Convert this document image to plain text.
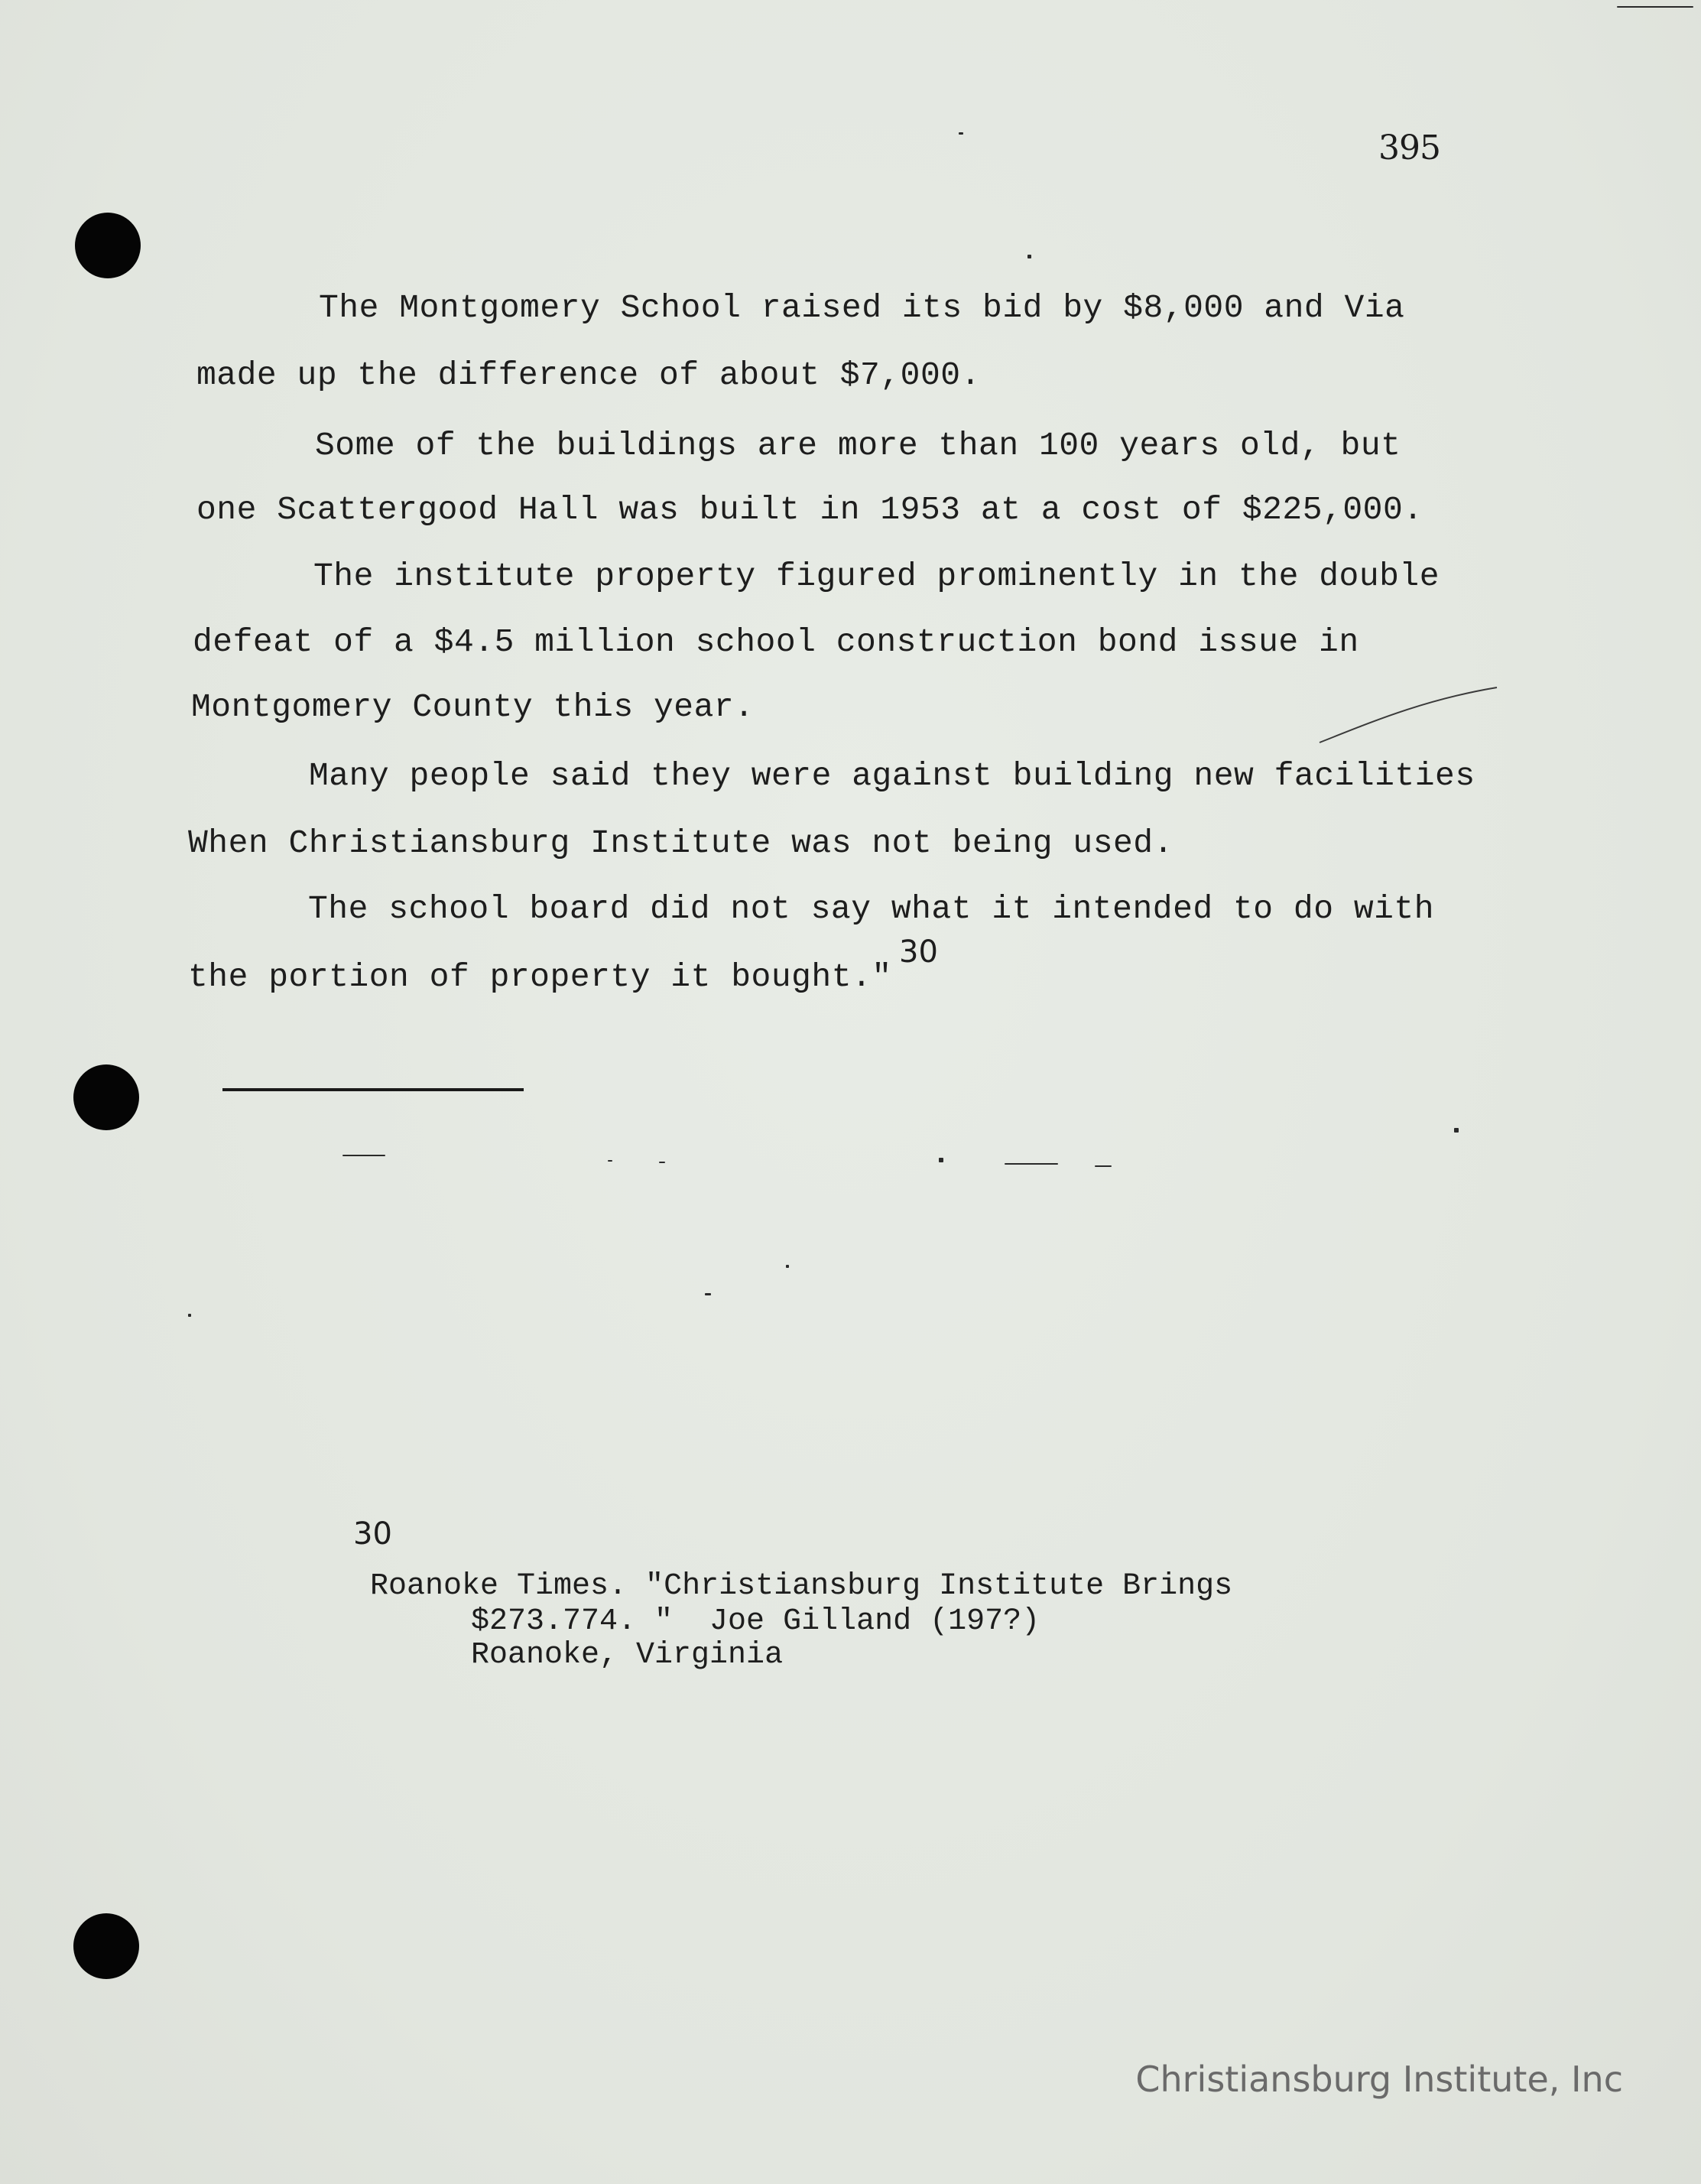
395
The Montgomery School raised its bid by $8,000 and Via
made up the difference of about $7,000.
Some of the buildings are more than 100 years old, but
one Scattergood Hall was built in 1953 at a cost of $225,000.
The institute property figured prominently in the double
defeat of a $4.5 million school construction bond issue in
Montgomery County this year.
Many people said they were against building new facilities
When Christiansburg Institute was not being used.
The school board did not say what it intended to do with
the portion of property it bought."
30
30
Roanoke Times. "Christiansburg Institute Brings
$273.774. "  Joe Gilland (197?)
Roanoke, Virginia
Christiansburg Institute, Inc
